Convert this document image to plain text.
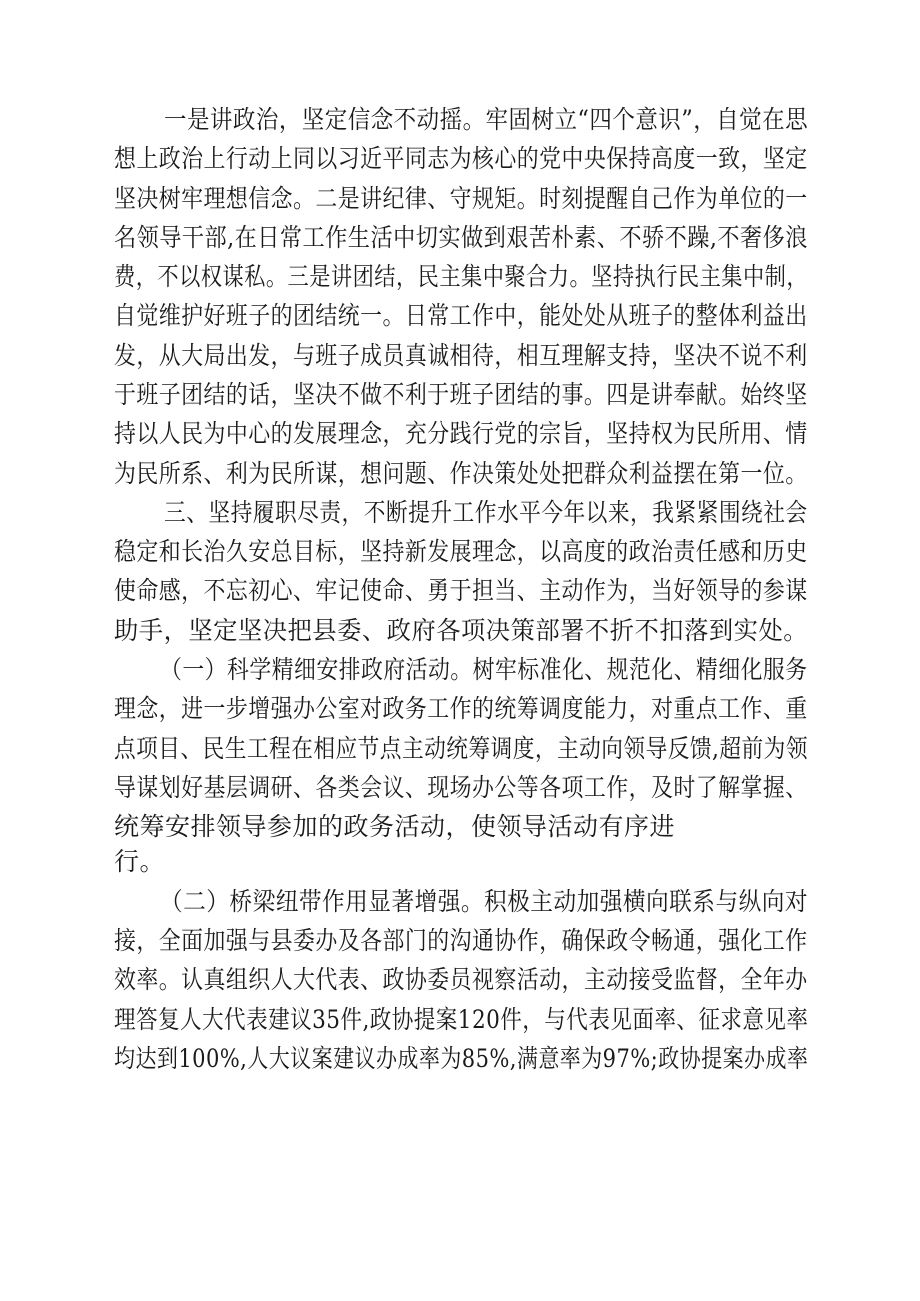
一是讲政治，坚定信念不动摇。牢固树立“四个意识”，自觉在思

想上政治上行动上同以习近平同志为核心的党中央保持高度一致，坚定

坚决树牢理想信念。二是讲纪律、守规矩。时刻提醒自己作为单位的一

名领导干部,在日常工作生活中切实做到艰苦朴素、不骄不躁,不奢侈浪

费，不以权谋私。三是讲团结，民主集中聚合力。坚持执行民主集中制，

自觉维护好班子的团结统一。日常工作中，能处处从班子的整体利益出

发，从大局出发，与班子成员真诚相待，相互理解支持，坚决不说不利

于班子团结的话，坚决不做不利于班子团结的事。四是讲奉献。始终坚

持以人民为中心的发展理念，充分践行党的宗旨，坚持权为民所用、情

为民所系、利为民所谋，想问题、作决策处处把群众利益摆在第一位。

三、坚持履职尽责，不断提升工作水平今年以来，我紧紧围绕社会

稳定和长治久安总目标，坚持新发展理念，以高度的政治责任感和历史

使命感，不忘初心、牢记使命、勇于担当、主动作为，当好领导的参谋

助手，坚定坚决把县委、政府各项决策部署不折不扣落到实处。

（一）科学精细安排政府活动。树牢标准化、规范化、精细化服务

理念，进一步增强办公室对政务工作的统筹调度能力，对重点工作、重

点项目、民生工程在相应节点主动统筹调度，主动向领导反馈,超前为领

导谋划好基层调研、各类会议、现场办公等各项工作，及时了解掌握、

统筹安排领导参加的政务活动，使领导活动有序进

行。

（二）桥梁纽带作用显著增强。积极主动加强横向联系与纵向对

接，全面加强与县委办及各部门的沟通协作，确保政令畅通，强化工作

效率。认真组织人大代表、政协委员视察活动，主动接受监督，全年办

理答复人大代表建议35件,政协提案120件，与代表见面率、征求意见率

均达到100%,人大议案建议办成率为85%,满意率为97%;政协提案办成率
